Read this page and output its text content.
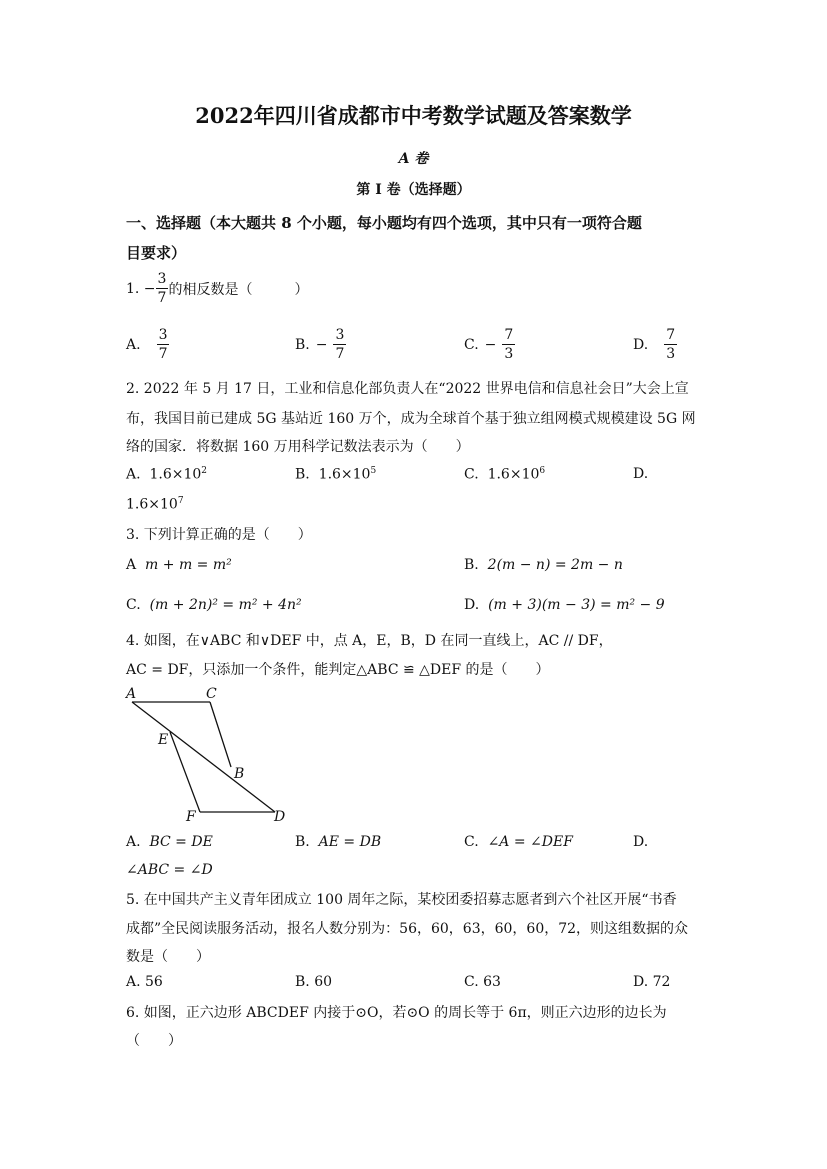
2022年四川省成都市中考数学试题及答案数学
A 卷
第 I 卷（选择题）
一、选择题（本大题共 8 个小题，每小题均有四个选项，其中只有一项符合题
目要求）
1. − $\frac{3}{7}$ 的相反数是（　　　）
A. $\frac{3}{7}$	B. − $\frac{3}{7}$	C. − $\frac{7}{3}$	D. $\frac{7}{3}$
2. 2022 年 5 月 17 日，工业和信息化部负责人在“2022 世界电信和信息社会日”大会上宣
布，我国目前已建成 5G 基站近 160 万个，成为全球首个基于独立组网模式规模建设 5G 网
络的国家．将数据 160 万用科学记数法表示为（　　）
A. $1.6\times 10^2$	B. $1.6\times 10^5$	C. $1.6\times 10^6$	D.
$1.6\times 10^7$
3. 下列计算正确的是（　　）
A m + m = m²	B. 2(m − n) = 2m − n
C. (m + 2n)² = m² + 4n²	D. (m + 3)(m − 3) = m² − 9
4. 如图，在∨ABC 和∨DEF 中，点 A，E，B，D 在同一直线上，AC // DF，
AC = DF，只添加一个条件，能判定△ABC ≌ △DEF 的是（　　）
A	C
E
B
F	D
A. BC = DE	B. AE = DB	C. ∠A = ∠DEF	D.
∠ABC = ∠D
5. 在中国共产主义青年团成立 100 周年之际，某校团委招募志愿者到六个社区开展“书香
成都”全民阅读服务活动，报名人数分别为：56，60，63，60，60，72，则这组数据的众
数是（　　）
A. 56	B. 60	C. 63	D. 72
6. 如图，正六边形 ABCDEF 内接于⊙O，若⊙O 的周长等于 6π，则正六边形的边长为
（　　）
